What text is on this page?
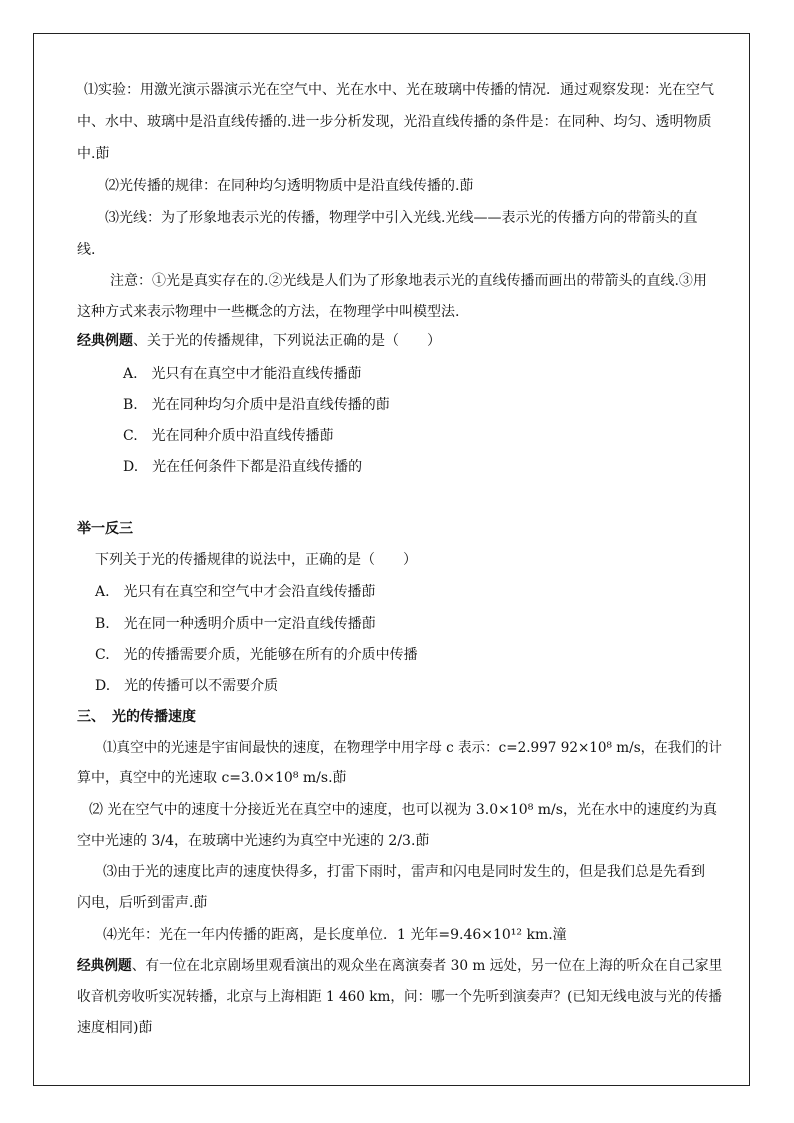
⑴实验：用激光演示器演示光在空气中、光在水中、光在玻璃中传播的情况．通过观察发现：光在空气
中、水中、玻璃中是沿直线传播的.进一步分析发现，光沿直线传播的条件是：在同种、均匀、透明物质
中.莭
⑵光传播的规律：在同种均匀透明物质中是沿直线传播的.莭
⑶光线：为了形象地表示光的传播，物理学中引入光线.光线——表示光的传播方向的带箭头的直
线.
注意：①光是真实存在的.②光线是人们为了形象地表示光的直线传播而画出的带箭头的直线.③用
这种方式来表示物理中一些概念的方法，在物理学中叫模型法.
经典例题、关于光的传播规律，下列说法正确的是（　　）
A.　光只有在真空中才能沿直线传播莭
B.　光在同种均匀介质中是沿直线传播的莭
C.　光在同种介质中沿直线传播莭
D.　光在任何条件下都是沿直线传播的
举一反三
下列关于光的传播规律的说法中，正确的是（　　）
A.　光只有在真空和空气中才会沿直线传播莭
B.　光在同一种透明介质中一定沿直线传播莭
C.　光的传播需要介质，光能够在所有的介质中传播
D.　光的传播可以不需要介质
三、　光的传播速度
⑴真空中的光速是宇宙间最快的速度，在物理学中用字母 c 表示：c=2.997 92×10⁸ m/s，在我们的计
算中，真空中的光速取 c=3.0×10⁸ m/s.莭
⑵ 光在空气中的速度十分接近光在真空中的速度，也可以视为 3.0×10⁸ m/s，光在水中的速度约为真
空中光速的 3/4，在玻璃中光速约为真空中光速的 2/3.莭
⑶由于光的速度比声的速度快得多，打雷下雨时，雷声和闪电是同时发生的，但是我们总是先看到
闪电，后听到雷声.莭
⑷光年：光在一年内传播的距离，是长度单位．1 光年=9.46×10¹² km.潼
经典例题、有一位在北京剧场里观看演出的观众坐在离演奏者 30 m 远处，另一位在上海的听众在自己家里
收音机旁收听实况转播，北京与上海相距 1 460 km，问：哪一个先听到演奏声？(已知无线电波与光的传播
速度相同)莭
